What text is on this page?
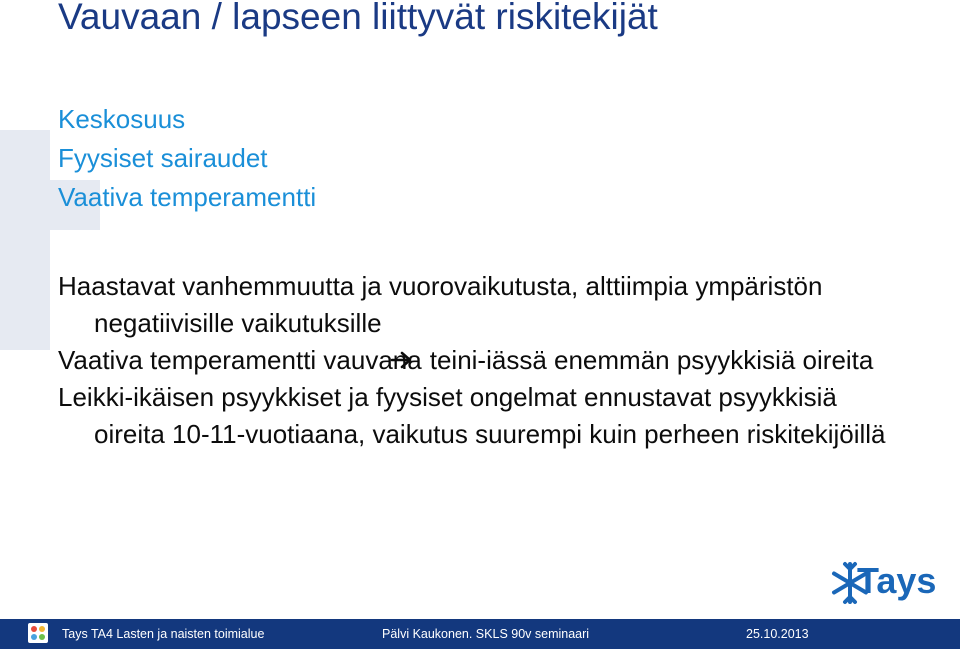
Vauvaan / lapseen liittyvät riskitekijät
Keskosuus
Fyysiset sairaudet
Vaativa temperamentti
Haastavat vanhemmuutta ja vuorovaikutusta, alttiimpia ympäristön negatiivisille vaikutuksille
Vaativa temperamentti vauvana teini-iässä enemmän psyykkisiä oireita
Leikki-ikäisen psyykkiset ja fyysiset ongelmat ennustavat psyykkisiä oireita 10-11-vuotiaana, vaikutus suurempi kuin perheen riskitekijöillä
Tays
Tays TA4 Lasten ja naisten toimialue	Pälvi Kaukonen. SKLS 90v seminaari	25.10.2013
